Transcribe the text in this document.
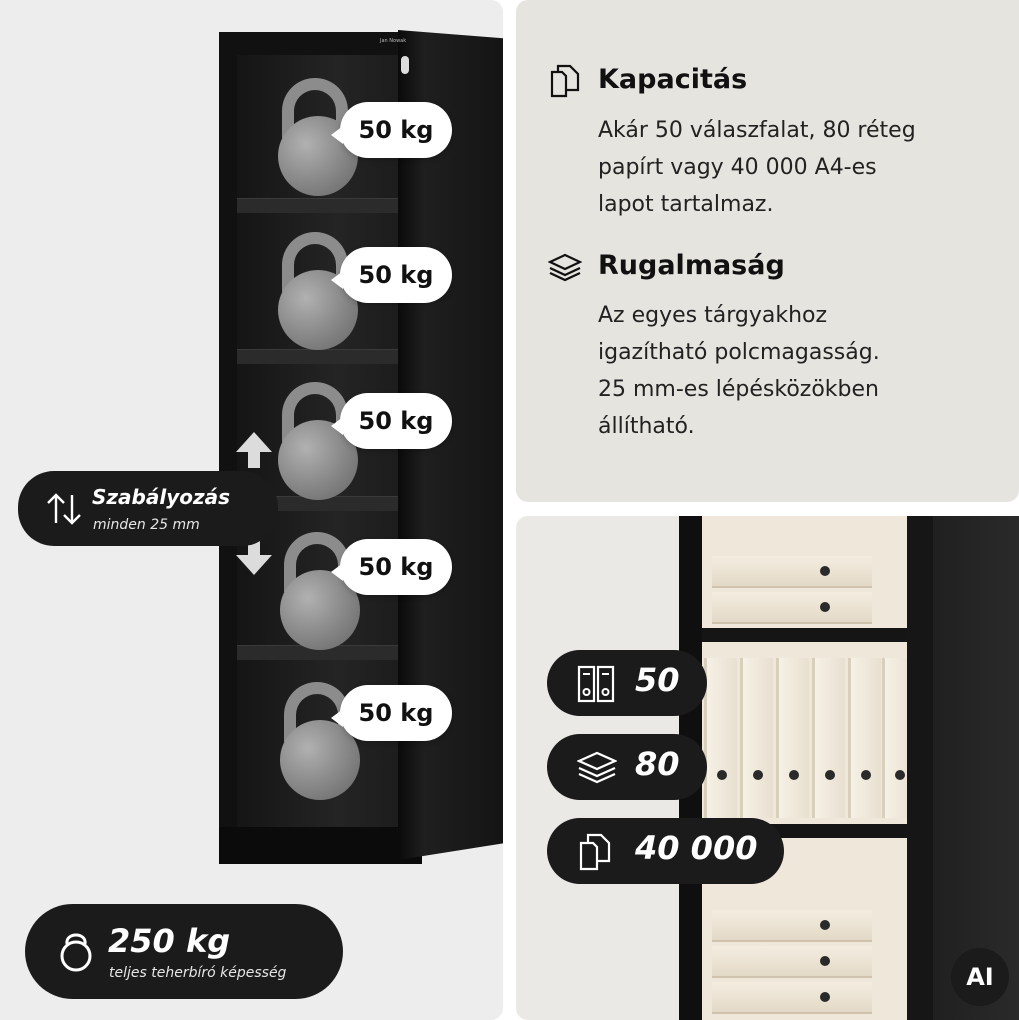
Jan Nowak
50 kg
50 kg
50 kg
50 kg
50 kg
Szabályozás
minden 25 mm
250 kg
teljes teherbíró képesség
Kapacitás
Akár 50 válaszfalat, 80 réteg
papírt vagy 40 000 A4-es
lapot tartalmaz.
Rugalmaság
Az egyes tárgyakhoz
igazítható polcmagasság.
25 mm-es lépésközökben
állítható.
50
80
40 000
AI
